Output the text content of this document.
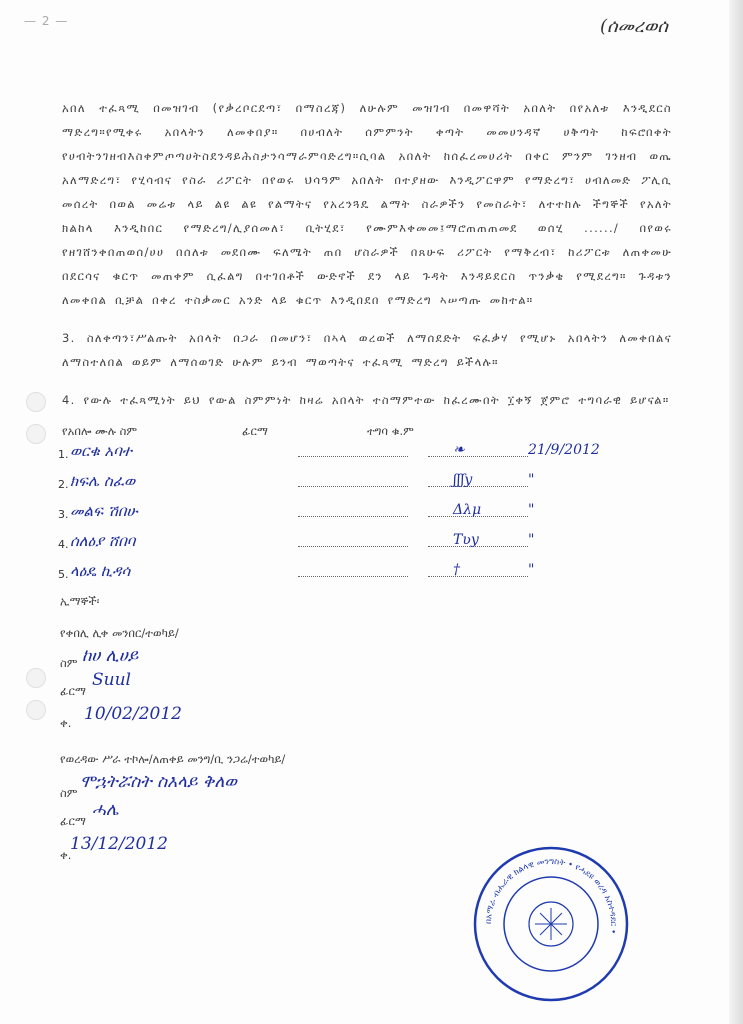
— 2 —	(ሰመረወሰ

አበለ ተፈጻሚ በመዝገብ (የቃረቦርደጣ፣ በማስረጃ) ለሁሉም መዝገብ በመዋሻት አበለት በየአለቱ እንዲደርስ ማድረግ።የሚቀሩ አበላትን ለመቀበያ። በሀብለት ሰምምንት ቀጣት መመሀንዳኛ ሀቅጣት ከፍሮበቀት የሀብትንገዘብእስቀምጦጣሀትስደንዳይሕስታንሳማራምባድረግ።ሲባል አበለት ከሰፈረመሀሪት በቀር ምንም ገንዘብ ወጤ አለማድረግ፣ የሂሳብና የስራ ሪፖርት በየወሩ ህሳዓም አበለት በተያዘው እንዲፖርዋም የማድረግ፣ ሀብለመድ ፖሊሲ መሰረት በወል መሬቱ ላይ ልዩ ልዩ የልማትና የአረንጓዴ ልማት ስራዎችን የመስራት፣ ለተተከሉ ችግኞች የአለት ክልከላ እንዲከበር የማድረግ/ሊያሰመለ፣ ቢትሂደ፣ የሙምእቀመመ፤ማሮጠጠጠመደ ወሰሂ ....../ በየወሩ የዘገሸንቀበጠወሰ/ሀሀ በሰለቱ መደበሙ ፍለሜት ጠበ ሆስራዎች በጸሁፍ ሪፖርት የማቅረብ፣ ከሪፖርቱ ለጠቀመሁ በደርሳና ቁርጥ መጠቀም ሲፈልግ በተገበቶች ውድኖች ደን ላይ ጉዳት እንዳይደርስ ጥንቃቄ የሚደረግ። ጉዳቱን ለመቀበል ቢቻል በቀረ ተስቃመር አንድ ላይ ቁርጥ እንዲበደበ የማድረግ ኣሠጣጡ መከተል።

3. ስለቀጣን፣ሥልጡት አበላት በጋራ በመሆን፣ በኣላ ወረወች ለማሰደድት ፍፈቃሃ የሚሆኑ አበላትን ለመቀበልና ለማስተለበል ወይም ለማሰወገድ ሁሉም ይንብ ማወጣትና ተፈጻሚ ማድረግ ይችላሉ።

4. የውሉ ተፈጻሚነት ይህ የውል ስምምነት ከዛሬ አበላት ተስማምተው ከፈረሙበት ፲ቀኝ ጀምሮ ተግባራዊ ይሆናል።

የአበሎ ሙሉ ስም	ፊርማ	ተግባ ቁ.ም
1. ወርቁ አባተ	❧	21/9/2012
2. ክፍሌ ስፈወ	ʃʃʃy	"
3. መልፍ ሽበሁ	Δλμ	"
4. ሰለዕያ ሸበባ	Tʋy	"
5. ላዕዴ ኪዳሳ	†	"
ኢማኞች፡
የቀበሊ ሊቀ መንበር/ተወካይ/
ስም ከሀ ሊሀይ
ፊርማ
Suul
ቀ. 10/02/2012
የወረዳው ሥራ ተኮሎ/ለጠቀይ መንግ/ቢ ንጋሬ/ተወካይ/
ስም
ሞኋትሯስት ስእላይ ቅለወ
ፊርማ
ሓሌ
ቀ.
13/12/2012
በአማራ ብሔራዊ ክልላዊ መንግስት • የሓደዩ ወረዳ አስተዳደር •
